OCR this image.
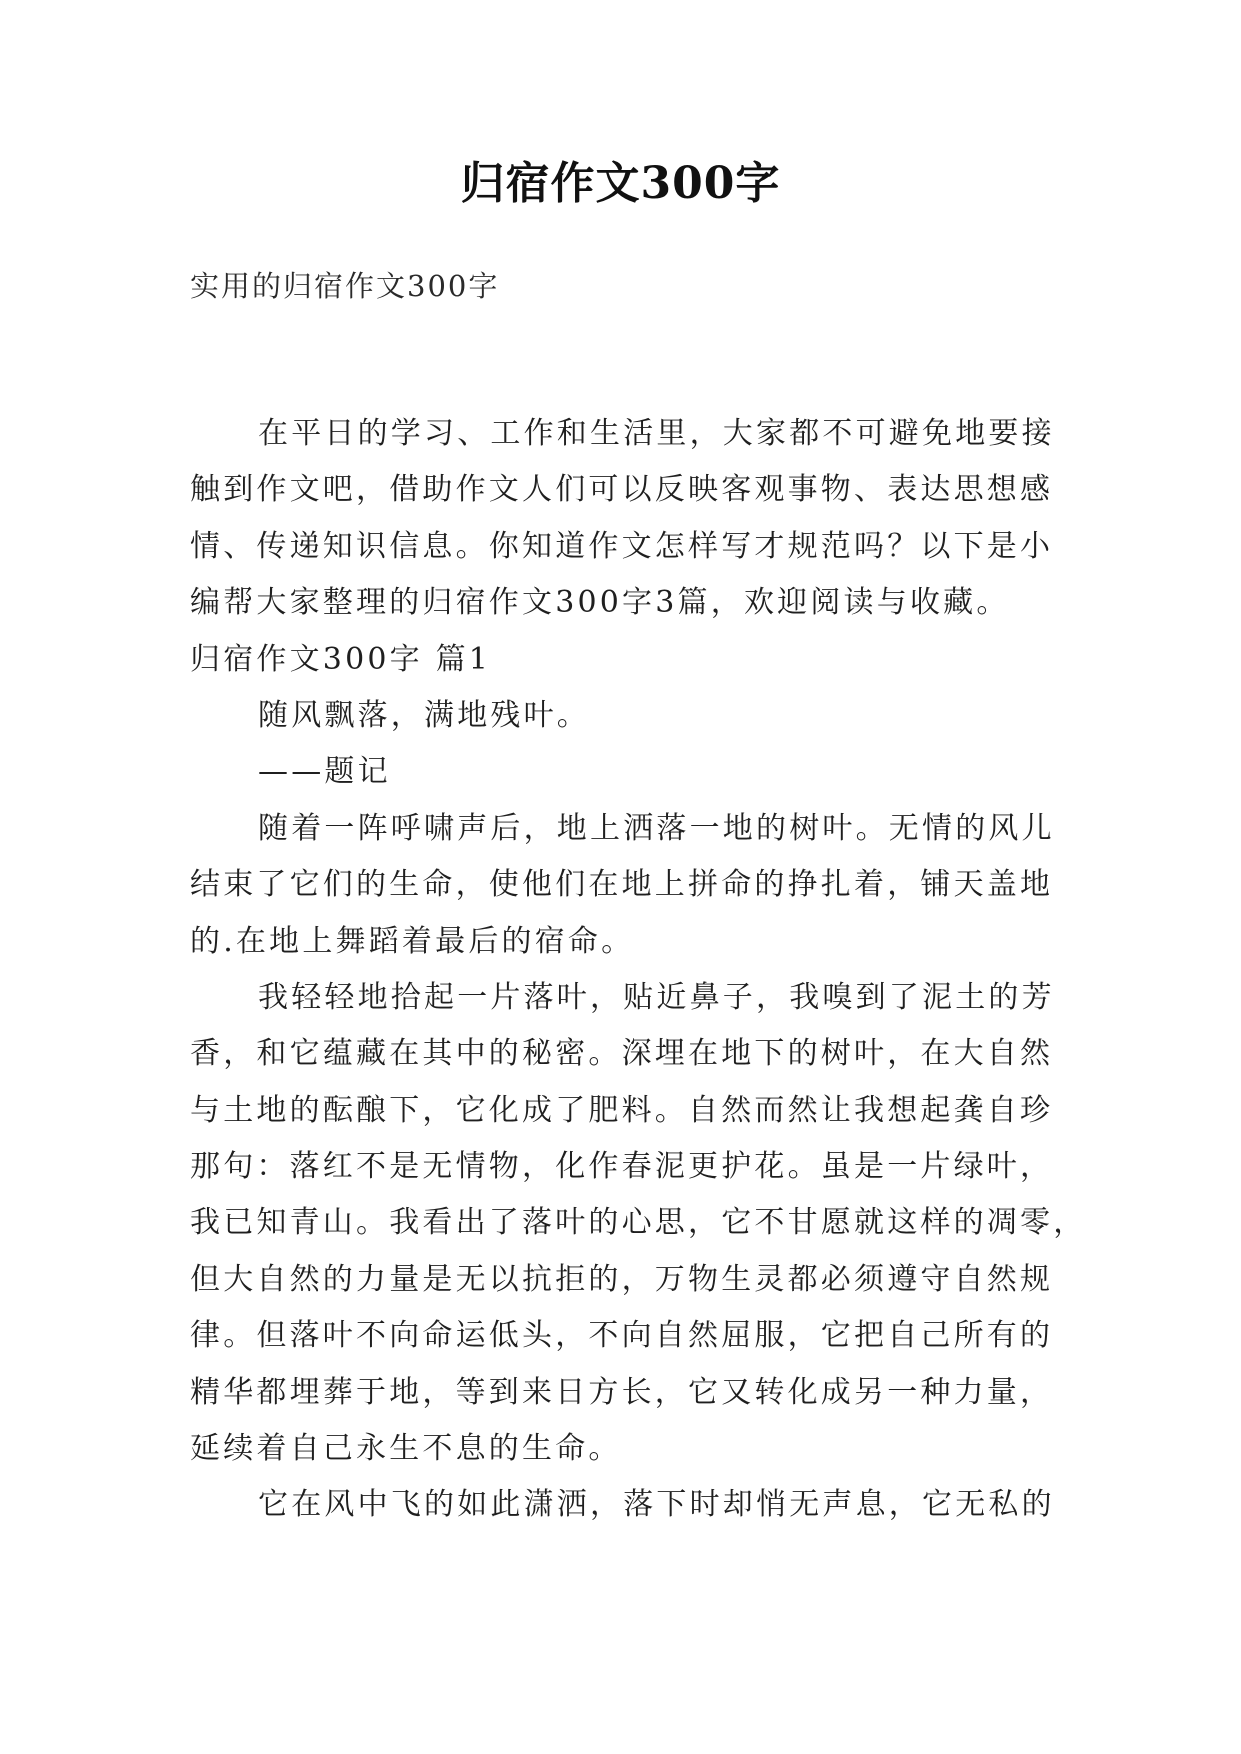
归宿作文300字
实用的归宿作文300字
在平日的学习、工作和生活里，大家都不可避免地要接
触到作文吧，借助作文人们可以反映客观事物、表达思想感
情、传递知识信息。你知道作文怎样写才规范吗？以下是小
编帮大家整理的归宿作文300字3篇，欢迎阅读与收藏。
归宿作文300字 篇1
随风飘落，满地残叶。
——题记
随着一阵呼啸声后，地上洒落一地的树叶。无情的风儿
结束了它们的生命，使他们在地上拼命的挣扎着，铺天盖地
的.在地上舞蹈着最后的宿命。
我轻轻地拾起一片落叶，贴近鼻子，我嗅到了泥土的芳
香，和它蕴藏在其中的秘密。深埋在地下的树叶，在大自然
与土地的酝酿下，它化成了肥料。自然而然让我想起龚自珍
那句：落红不是无情物，化作春泥更护花。虽是一片绿叶，
我已知青山。我看出了落叶的心思，它不甘愿就这样的凋零，
但大自然的力量是无以抗拒的，万物生灵都必须遵守自然规
律。但落叶不向命运低头，不向自然屈服，它把自己所有的
精华都埋葬于地，等到来日方长，它又转化成另一种力量，
延续着自己永生不息的生命。
它在风中飞的如此潇洒，落下时却悄无声息，它无私的
